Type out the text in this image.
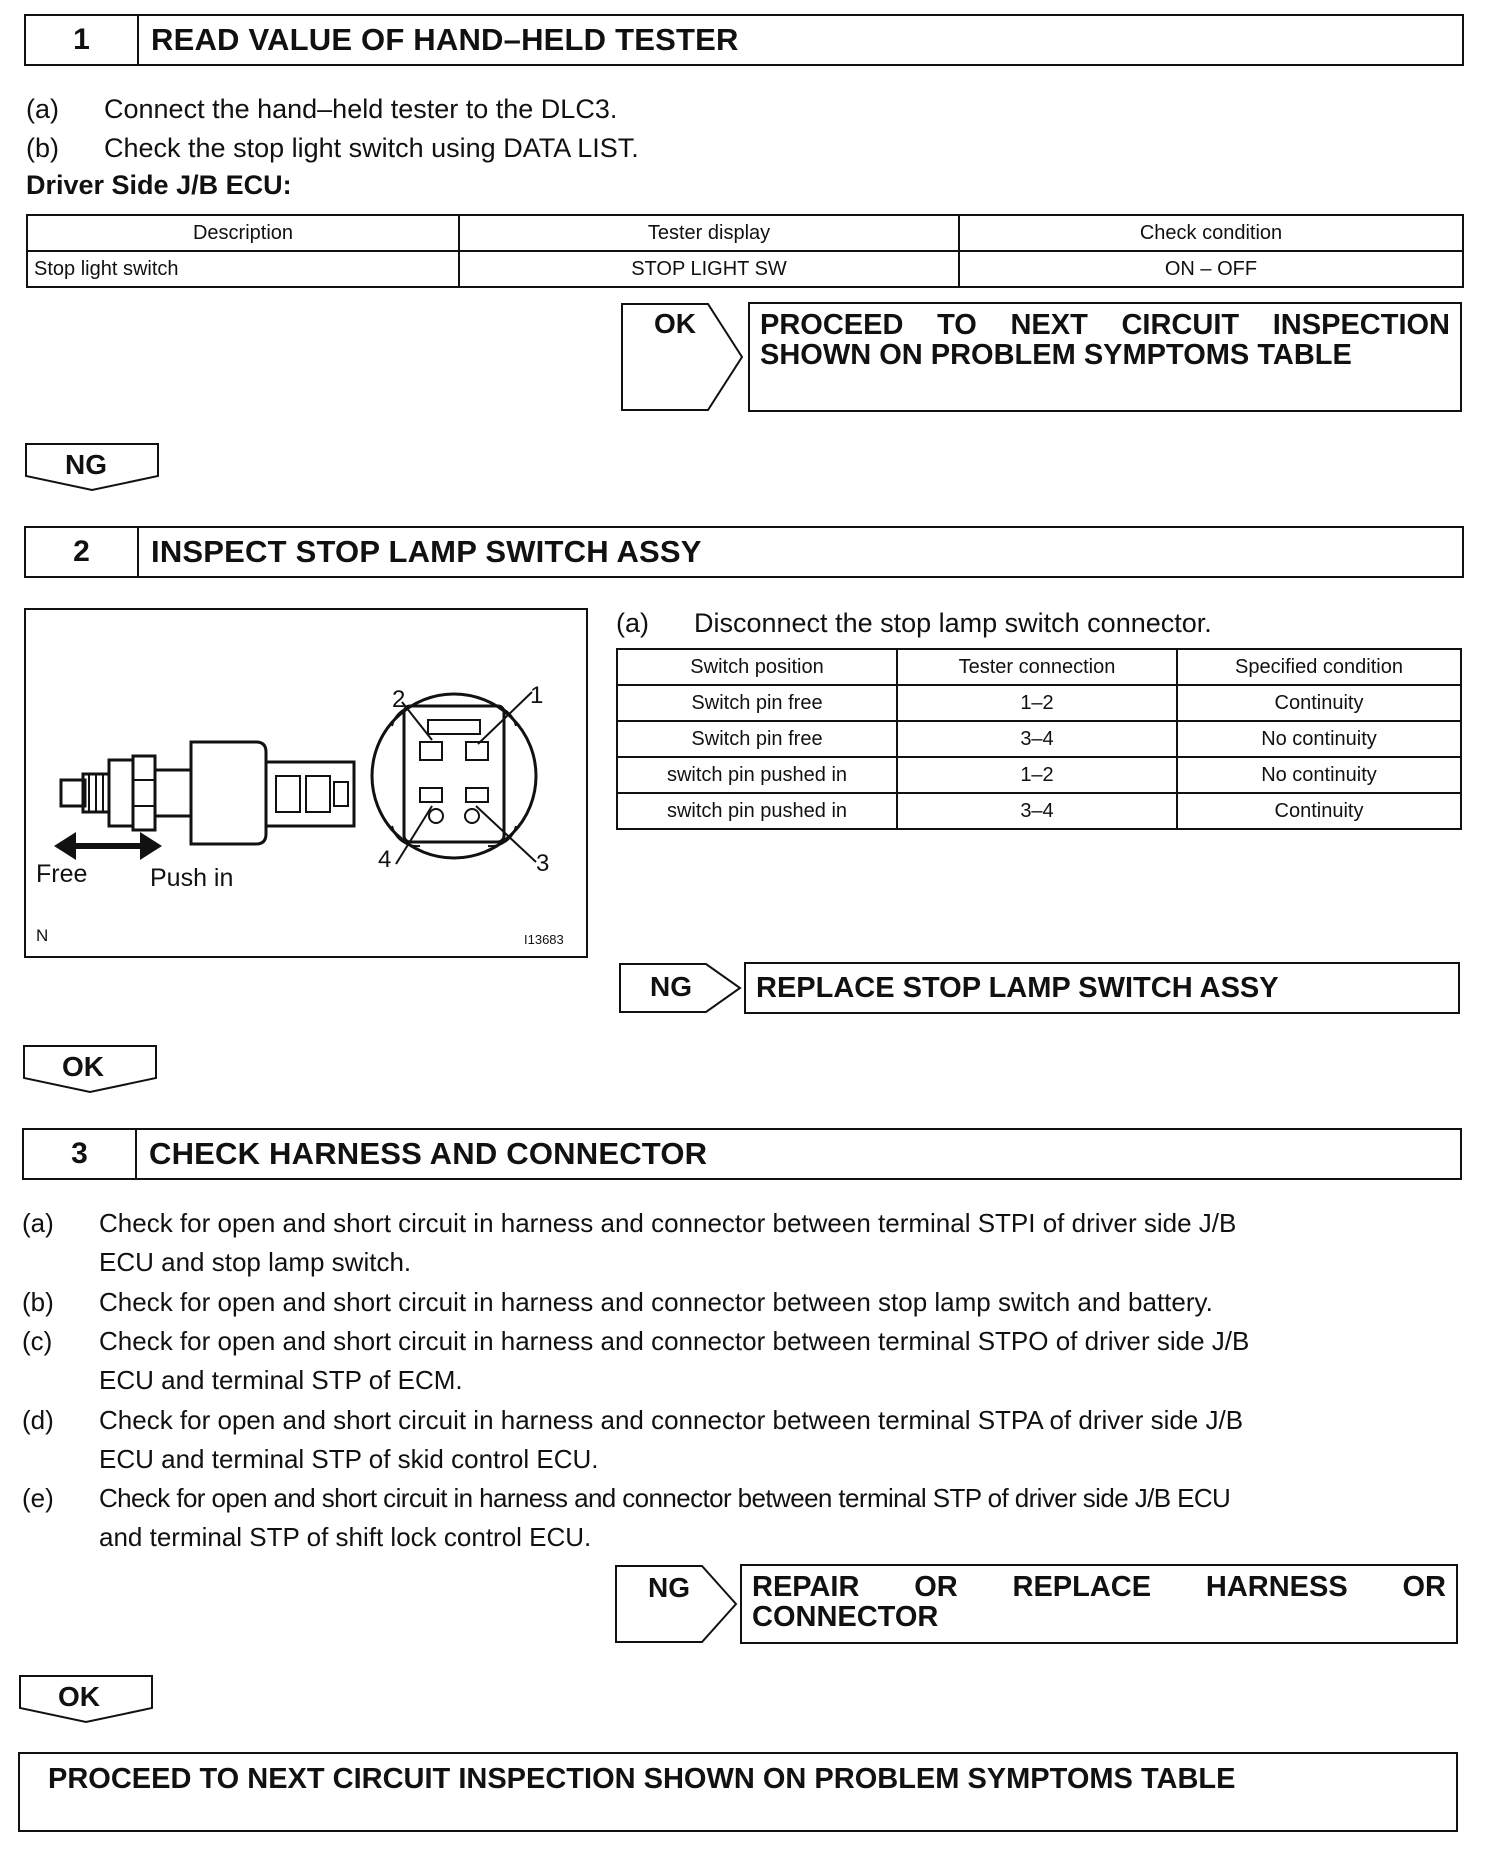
1	READ VALUE OF HAND–HELD TESTER
(a) Connect the hand–held tester to the DLC3.
(b) Check the stop light switch using DATA LIST.
Driver Side J/B ECU:
Description	Tester display	Check condition
Stop light switch	STOP LIGHT SW	ON – OFF
OK PROCEED TO NEXT CIRCUIT INSPECTION
SHOWN ON PROBLEM SYMPTOMS TABLE
NG
2	INSPECT STOP LAMP SWITCH ASSY
2	1
4	3
Free	Push in
N	I13683
(a) Disconnect the stop lamp switch connector.
Switch position	Tester connection	Specified condition
Switch pin free	1–2	Continuity
Switch pin free	3–4	No continuity
switch pin pushed in	1–2	No continuity
switch pin pushed in	3–4	Continuity
NG	REPLACE STOP LAMP SWITCH ASSY
OK
3	CHECK HARNESS AND CONNECTOR
(a) Check for open and short circuit in harness and connector between terminal STPI of driver side J/B
ECU and stop lamp switch.
(b) Check for open and short circuit in harness and connector between stop lamp switch and battery.
(c) Check for open and short circuit in harness and connector between terminal STPO of driver side J/B
ECU and terminal STP of ECM.
(d) Check for open and short circuit in harness and connector between terminal STPA of driver side J/B
ECU and terminal STP of skid control ECU.
(e) Check for open and short circuit in harness and connector between terminal STP of driver side J/B ECU
and terminal STP of shift lock control ECU.
NG REPAIR OR REPLACE HARNESS OR
CONNECTOR
OK
PROCEED TO NEXT CIRCUIT INSPECTION SHOWN ON PROBLEM SYMPTOMS TABLE
